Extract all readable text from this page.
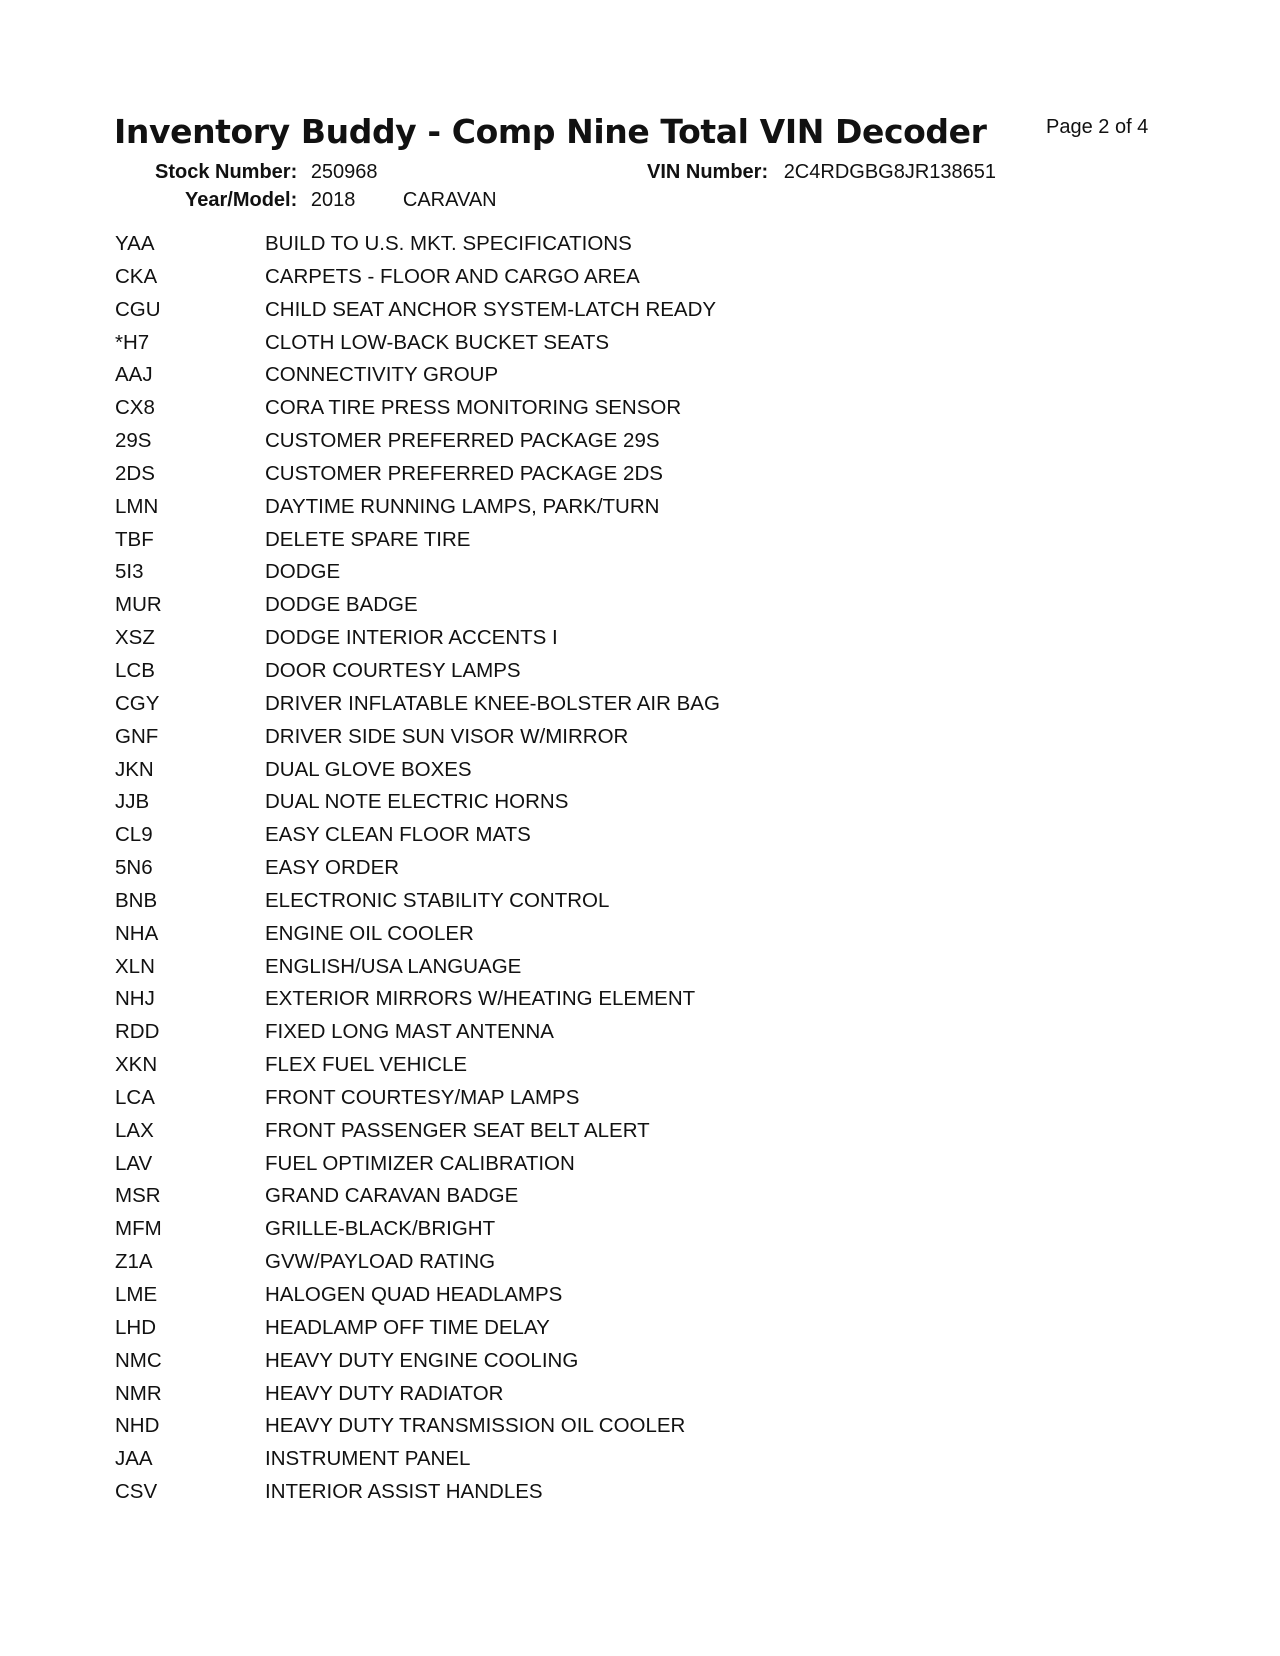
Inventory Buddy - Comp Nine Total VIN Decoder	Page 2 of 4
Stock Number: 250968	VIN Number: 2C4RDGBG8JR138651
Year/Model: 2018 CARAVAN
YAA	BUILD TO U.S. MKT. SPECIFICATIONS
CKA	CARPETS - FLOOR AND CARGO AREA
CGU	CHILD SEAT ANCHOR SYSTEM-LATCH READY
*H7	CLOTH LOW-BACK BUCKET SEATS
AAJ	CONNECTIVITY GROUP
CX8	CORA TIRE PRESS MONITORING SENSOR
29S	CUSTOMER PREFERRED PACKAGE 29S
2DS	CUSTOMER PREFERRED PACKAGE 2DS
LMN	DAYTIME RUNNING LAMPS, PARK/TURN
TBF	DELETE SPARE TIRE
5I3	DODGE
MUR	DODGE BADGE
XSZ	DODGE INTERIOR ACCENTS I
LCB	DOOR COURTESY LAMPS
CGY	DRIVER INFLATABLE KNEE-BOLSTER AIR BAG
GNF	DRIVER SIDE SUN VISOR W/MIRROR
JKN	DUAL GLOVE BOXES
JJB	DUAL NOTE ELECTRIC HORNS
CL9	EASY CLEAN FLOOR MATS
5N6	EASY ORDER
BNB	ELECTRONIC STABILITY CONTROL
NHA	ENGINE OIL COOLER
XLN	ENGLISH/USA LANGUAGE
NHJ	EXTERIOR MIRRORS W/HEATING ELEMENT
RDD	FIXED LONG MAST ANTENNA
XKN	FLEX FUEL VEHICLE
LCA	FRONT COURTESY/MAP LAMPS
LAX	FRONT PASSENGER SEAT BELT ALERT
LAV	FUEL OPTIMIZER CALIBRATION
MSR	GRAND CARAVAN BADGE
MFM	GRILLE-BLACK/BRIGHT
Z1A	GVW/PAYLOAD RATING
LME	HALOGEN QUAD HEADLAMPS
LHD	HEADLAMP OFF TIME DELAY
NMC	HEAVY DUTY ENGINE COOLING
NMR	HEAVY DUTY RADIATOR
NHD	HEAVY DUTY TRANSMISSION OIL COOLER
JAA	INSTRUMENT PANEL
CSV	INTERIOR ASSIST HANDLES
